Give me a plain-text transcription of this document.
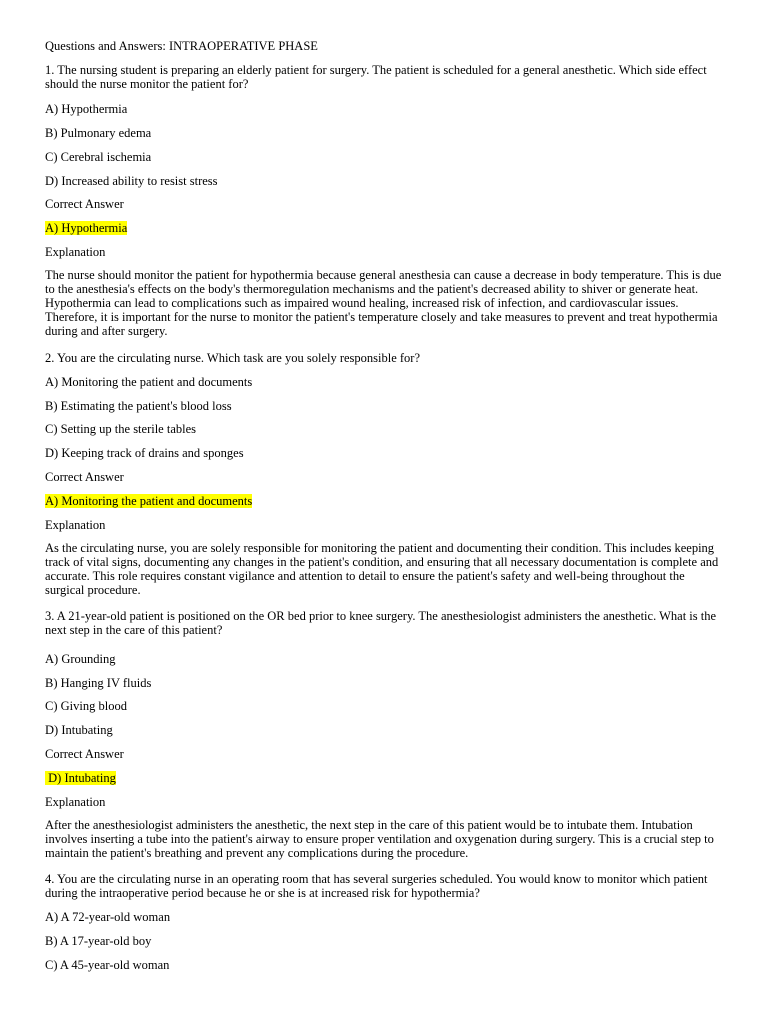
Questions and Answers: INTRAOPERATIVE PHASE

1. The nursing student is preparing an elderly patient for surgery. The patient is scheduled for a general anesthetic. Which side effect should the nurse monitor the patient for?

A) Hypothermia

B) Pulmonary edema

C) Cerebral ischemia

D) Increased ability to resist stress

Correct Answer

A) Hypothermia

Explanation

The nurse should monitor the patient for hypothermia because general anesthesia can cause a decrease in body temperature. This is due to the anesthesia's effects on the body's thermoregulation mechanisms and the patient's decreased ability to shiver or generate heat. Hypothermia can lead to complications such as impaired wound healing, increased risk of infection, and cardiovascular issues. Therefore, it is important for the nurse to monitor the patient's temperature closely and take measures to prevent and treat hypothermia during and after surgery.

2. You are the circulating nurse. Which task are you solely responsible for?

A) Monitoring the patient and documents

B) Estimating the patient's blood loss

C) Setting up the sterile tables

D) Keeping track of drains and sponges

Correct Answer

A) Monitoring the patient and documents

Explanation

As the circulating nurse, you are solely responsible for monitoring the patient and documenting their condition. This includes keeping track of vital signs, documenting any changes in the patient's condition, and ensuring that all necessary documentation is complete and accurate. This role requires constant vigilance and attention to detail to ensure the patient's safety and well-being throughout the surgical procedure.

3. A 21-year-old patient is positioned on the OR bed prior to knee surgery. The anesthesiologist administers the anesthetic. What is the next step in the care of this patient?

A) Grounding

B) Hanging IV fluids

C) Giving blood

D) Intubating

Correct Answer

D) Intubating

Explanation

After the anesthesiologist administers the anesthetic, the next step in the care of this patient would be to intubate them. Intubation involves inserting a tube into the patient's airway to ensure proper ventilation and oxygenation during surgery. This is a crucial step to maintain the patient's breathing and prevent any complications during the procedure.

4. You are the circulating nurse in an operating room that has several surgeries scheduled. You would know to monitor which patient during the intraoperative period because he or she is at increased risk for hypothermia?

A) A 72-year-old woman

B) A 17-year-old boy

C) A 45-year-old woman
